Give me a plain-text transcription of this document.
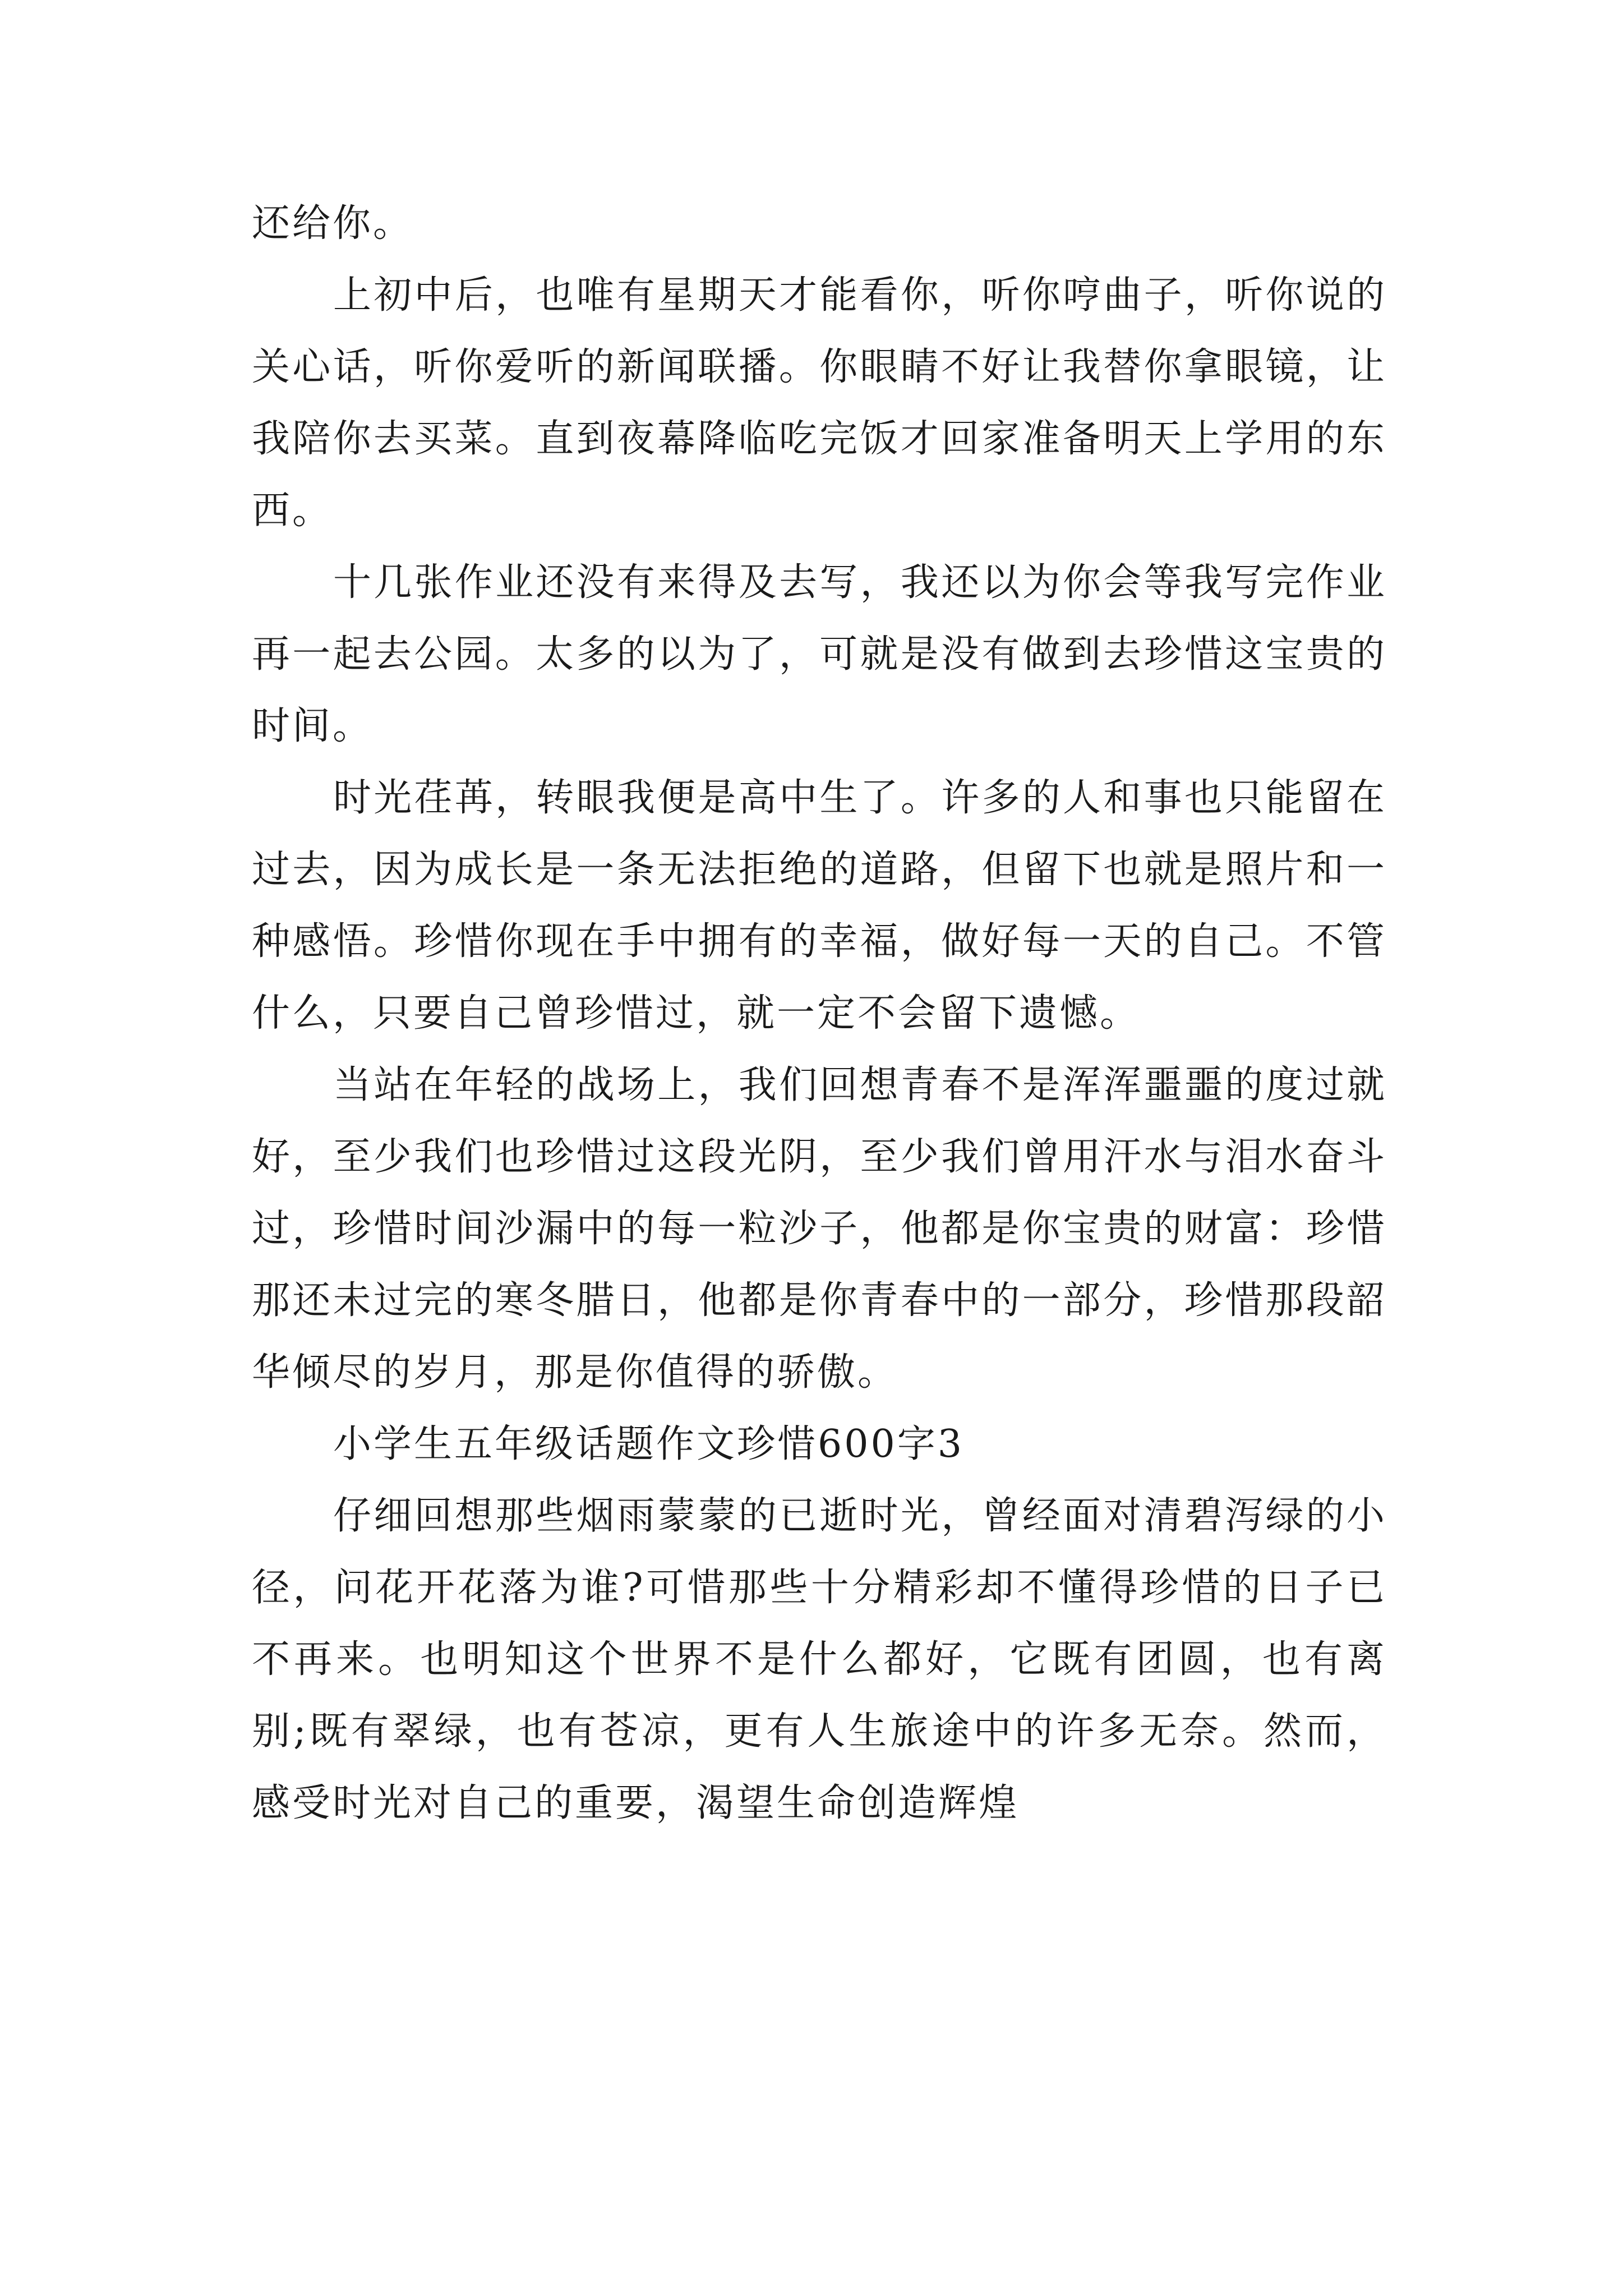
还给你。

上初中后，也唯有星期天才能看你，听你哼曲子，听你说的关心话，听你爱听的新闻联播。你眼睛不好让我替你拿眼镜，让我陪你去买菜。直到夜幕降临吃完饭才回家准备明天上学用的东西。

十几张作业还没有来得及去写，我还以为你会等我写完作业再一起去公园。太多的以为了，可就是没有做到去珍惜这宝贵的时间。

时光荏苒，转眼我便是高中生了。许多的人和事也只能留在过去，因为成长是一条无法拒绝的道路，但留下也就是照片和一种感悟。珍惜你现在手中拥有的幸福，做好每一天的自己。不管什么，只要自己曾珍惜过，就一定不会留下遗憾。

当站在年轻的战场上，我们回想青春不是浑浑噩噩的度过就好，至少我们也珍惜过这段光阴，至少我们曾用汗水与泪水奋斗过，珍惜时间沙漏中的每一粒沙子，他都是你宝贵的财富：珍惜那还未过完的寒冬腊日，他都是你青春中的一部分，珍惜那段韶华倾尽的岁月，那是你值得的骄傲。

小学生五年级话题作文珍惜600字3

仔细回想那些烟雨蒙蒙的已逝时光，曾经面对清碧泻绿的小径，问花开花落为谁?可惜那些十分精彩却不懂得珍惜的日子已不再来。也明知这个世界不是什么都好，它既有团圆，也有离别;既有翠绿，也有苍凉，更有人生旅途中的许多无奈。然而，感受时光对自己的重要，渴望生命创造辉煌
